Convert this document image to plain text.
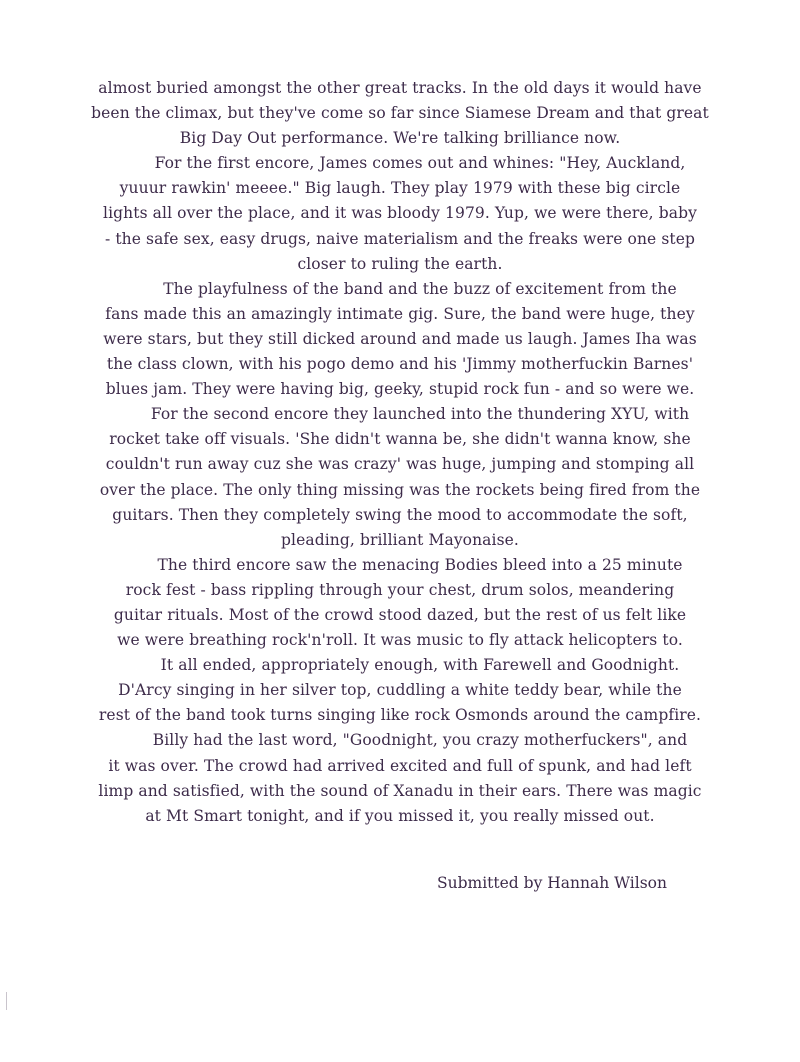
almost buried amongst the other great tracks. In the old days it would have
been the climax, but they've come so far since Siamese Dream and that great
Big Day Out performance. We're talking brilliance now.
For the first encore, James comes out and whines: "Hey, Auckland,
yuuur rawkin' meeee." Big laugh. They play 1979 with these big circle
lights all over the place, and it was bloody 1979. Yup, we were there, baby
- the safe sex, easy drugs, naive materialism and the freaks were one step
closer to ruling the earth.
The playfulness of the band and the buzz of excitement from the
fans made this an amazingly intimate gig. Sure, the band were huge, they
were stars, but they still dicked around and made us laugh. James Iha was
the class clown, with his pogo demo and his 'Jimmy motherfuckin Barnes'
blues jam. They were having big, geeky, stupid rock fun - and so were we.
For the second encore they launched into the thundering XYU, with
rocket take off visuals. 'She didn't wanna be, she didn't wanna know, she
couldn't run away cuz she was crazy' was huge, jumping and stomping all
over the place. The only thing missing was the rockets being fired from the
guitars. Then they completely swing the mood to accommodate the soft,
pleading, brilliant Mayonaise.
The third encore saw the menacing Bodies bleed into a 25 minute
rock fest - bass rippling through your chest, drum solos, meandering
guitar rituals. Most of the crowd stood dazed, but the rest of us felt like
we were breathing rock'n'roll. It was music to fly attack helicopters to.
It all ended, appropriately enough, with Farewell and Goodnight.
D'Arcy singing in her silver top, cuddling a white teddy bear, while the
rest of the band took turns singing like rock Osmonds around the campfire.
Billy had the last word, "Goodnight, you crazy motherfuckers", and
it was over. The crowd had arrived excited and full of spunk, and had left
limp and satisfied, with the sound of Xanadu in their ears. There was magic
at Mt Smart tonight, and if you missed it, you really missed out.
Submitted by Hannah Wilson
